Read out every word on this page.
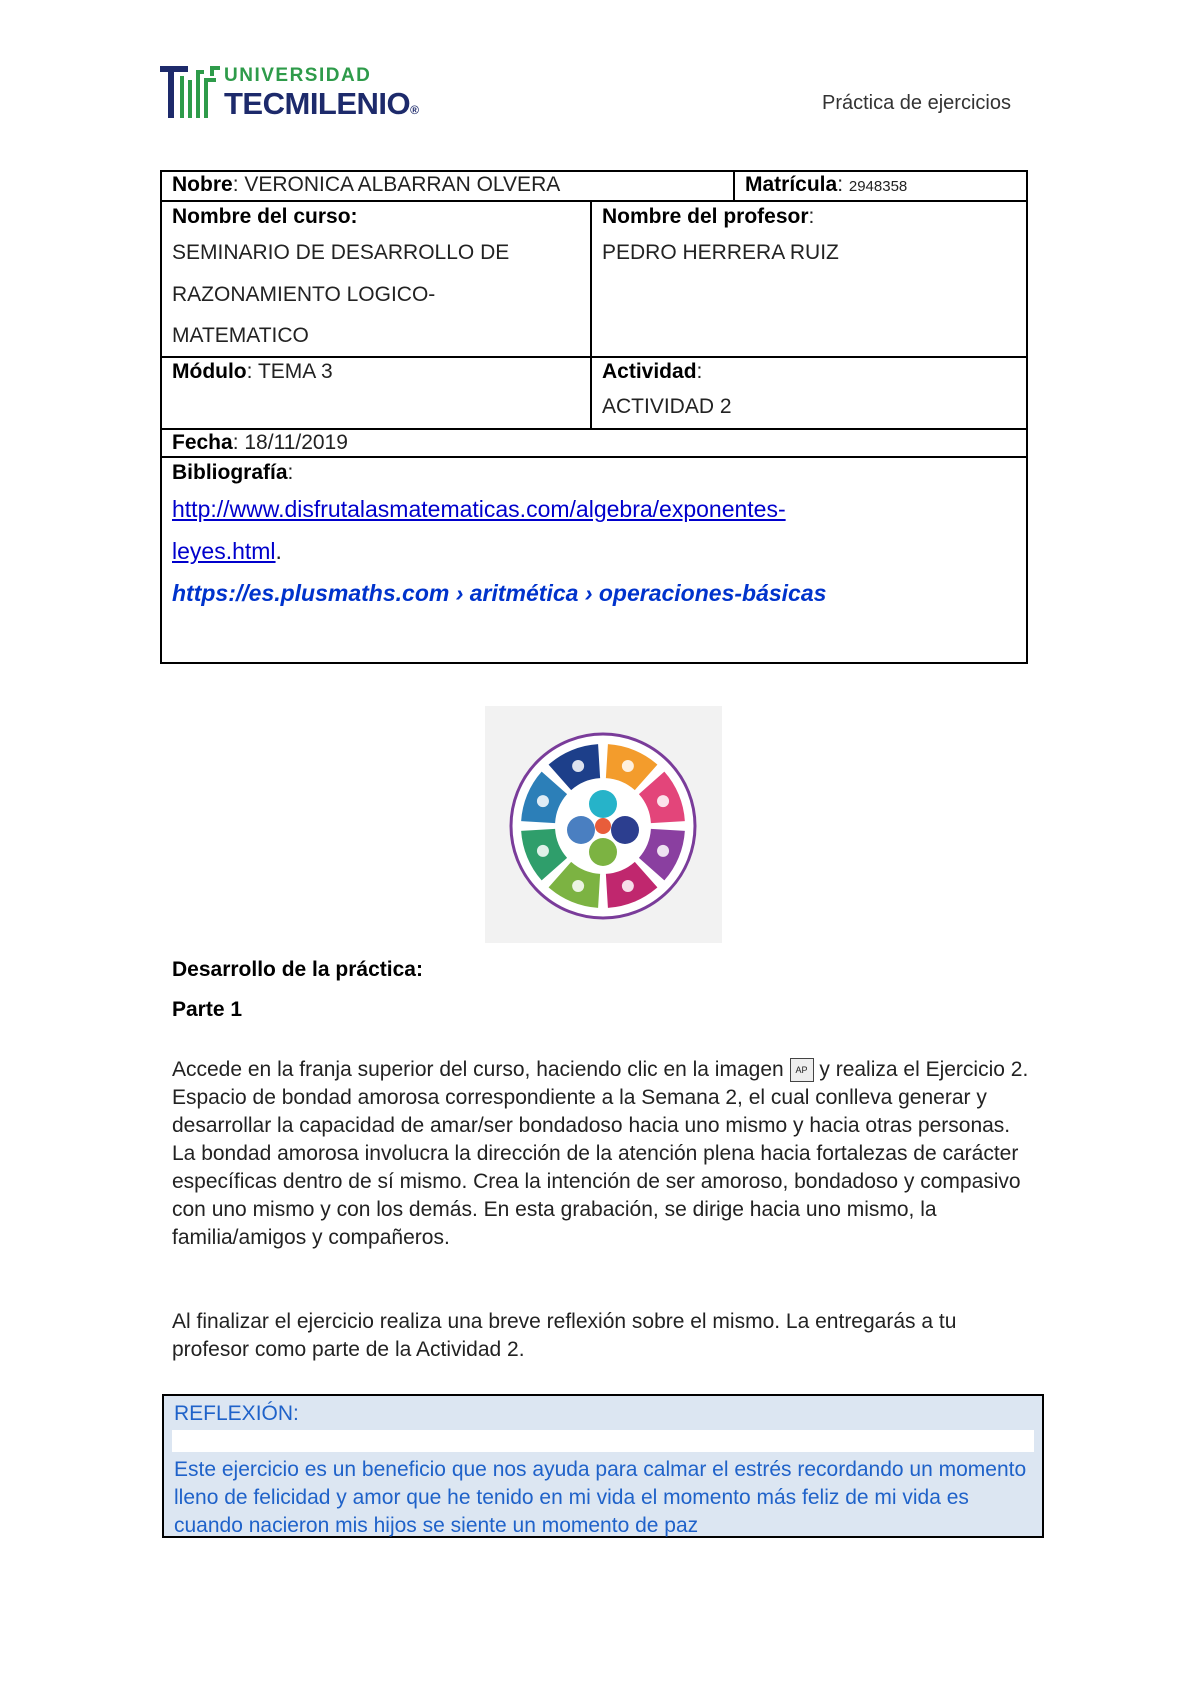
UNIVERSIDAD
TECMILENIO®	Práctica de ejercicios
Nobre: VERONICA ALBARRAN OLVERA		Matrícula: 2948358

Nombre del curso:
SEMINARIO DE DESARROLLO DE
RAZONAMIENTO LOGICO-
MATEMATICO	Nombre del profesor:
PEDRO HERRERA RUIZ	

Módulo: TEMA 3	Actividad:
ACTIVIDAD 2	

Fecha: 18/11/2019		

Bibliografía:
http://www.disfrutalasmatematicas.com/algebra/exponentes-
leyes.html.
https://es.plusmaths.com › aritmética › operaciones-básicas		
Desarrollo de la práctica:
Parte 1
Accede en la franja superior del curso, haciendo clic en la imagen AP y realiza el Ejercicio 2. Espacio de bondad amorosa correspondiente a la Semana 2, el cual conlleva generar y desarrollar la capacidad de amar/ser bondadoso hacia uno mismo y hacia otras personas. La bondad amorosa involucra la dirección de la atención plena hacia fortalezas de carácter específicas dentro de sí mismo. Crea la intención de ser amoroso, bondadoso y compasivo con uno mismo y con los demás. En esta grabación, se dirige hacia uno mismo, la familia/amigos y compañeros.
Al finalizar el ejercicio realiza una breve reflexión sobre el mismo. La entregarás a tu profesor como parte de la Actividad 2.
REFLEXIÓN:
Este ejercicio es un beneficio que nos ayuda para calmar el estrés recordando un momento lleno de felicidad y amor que he tenido en mi vida el momento más feliz de mi vida es cuando nacieron mis hijos se siente un momento de paz
